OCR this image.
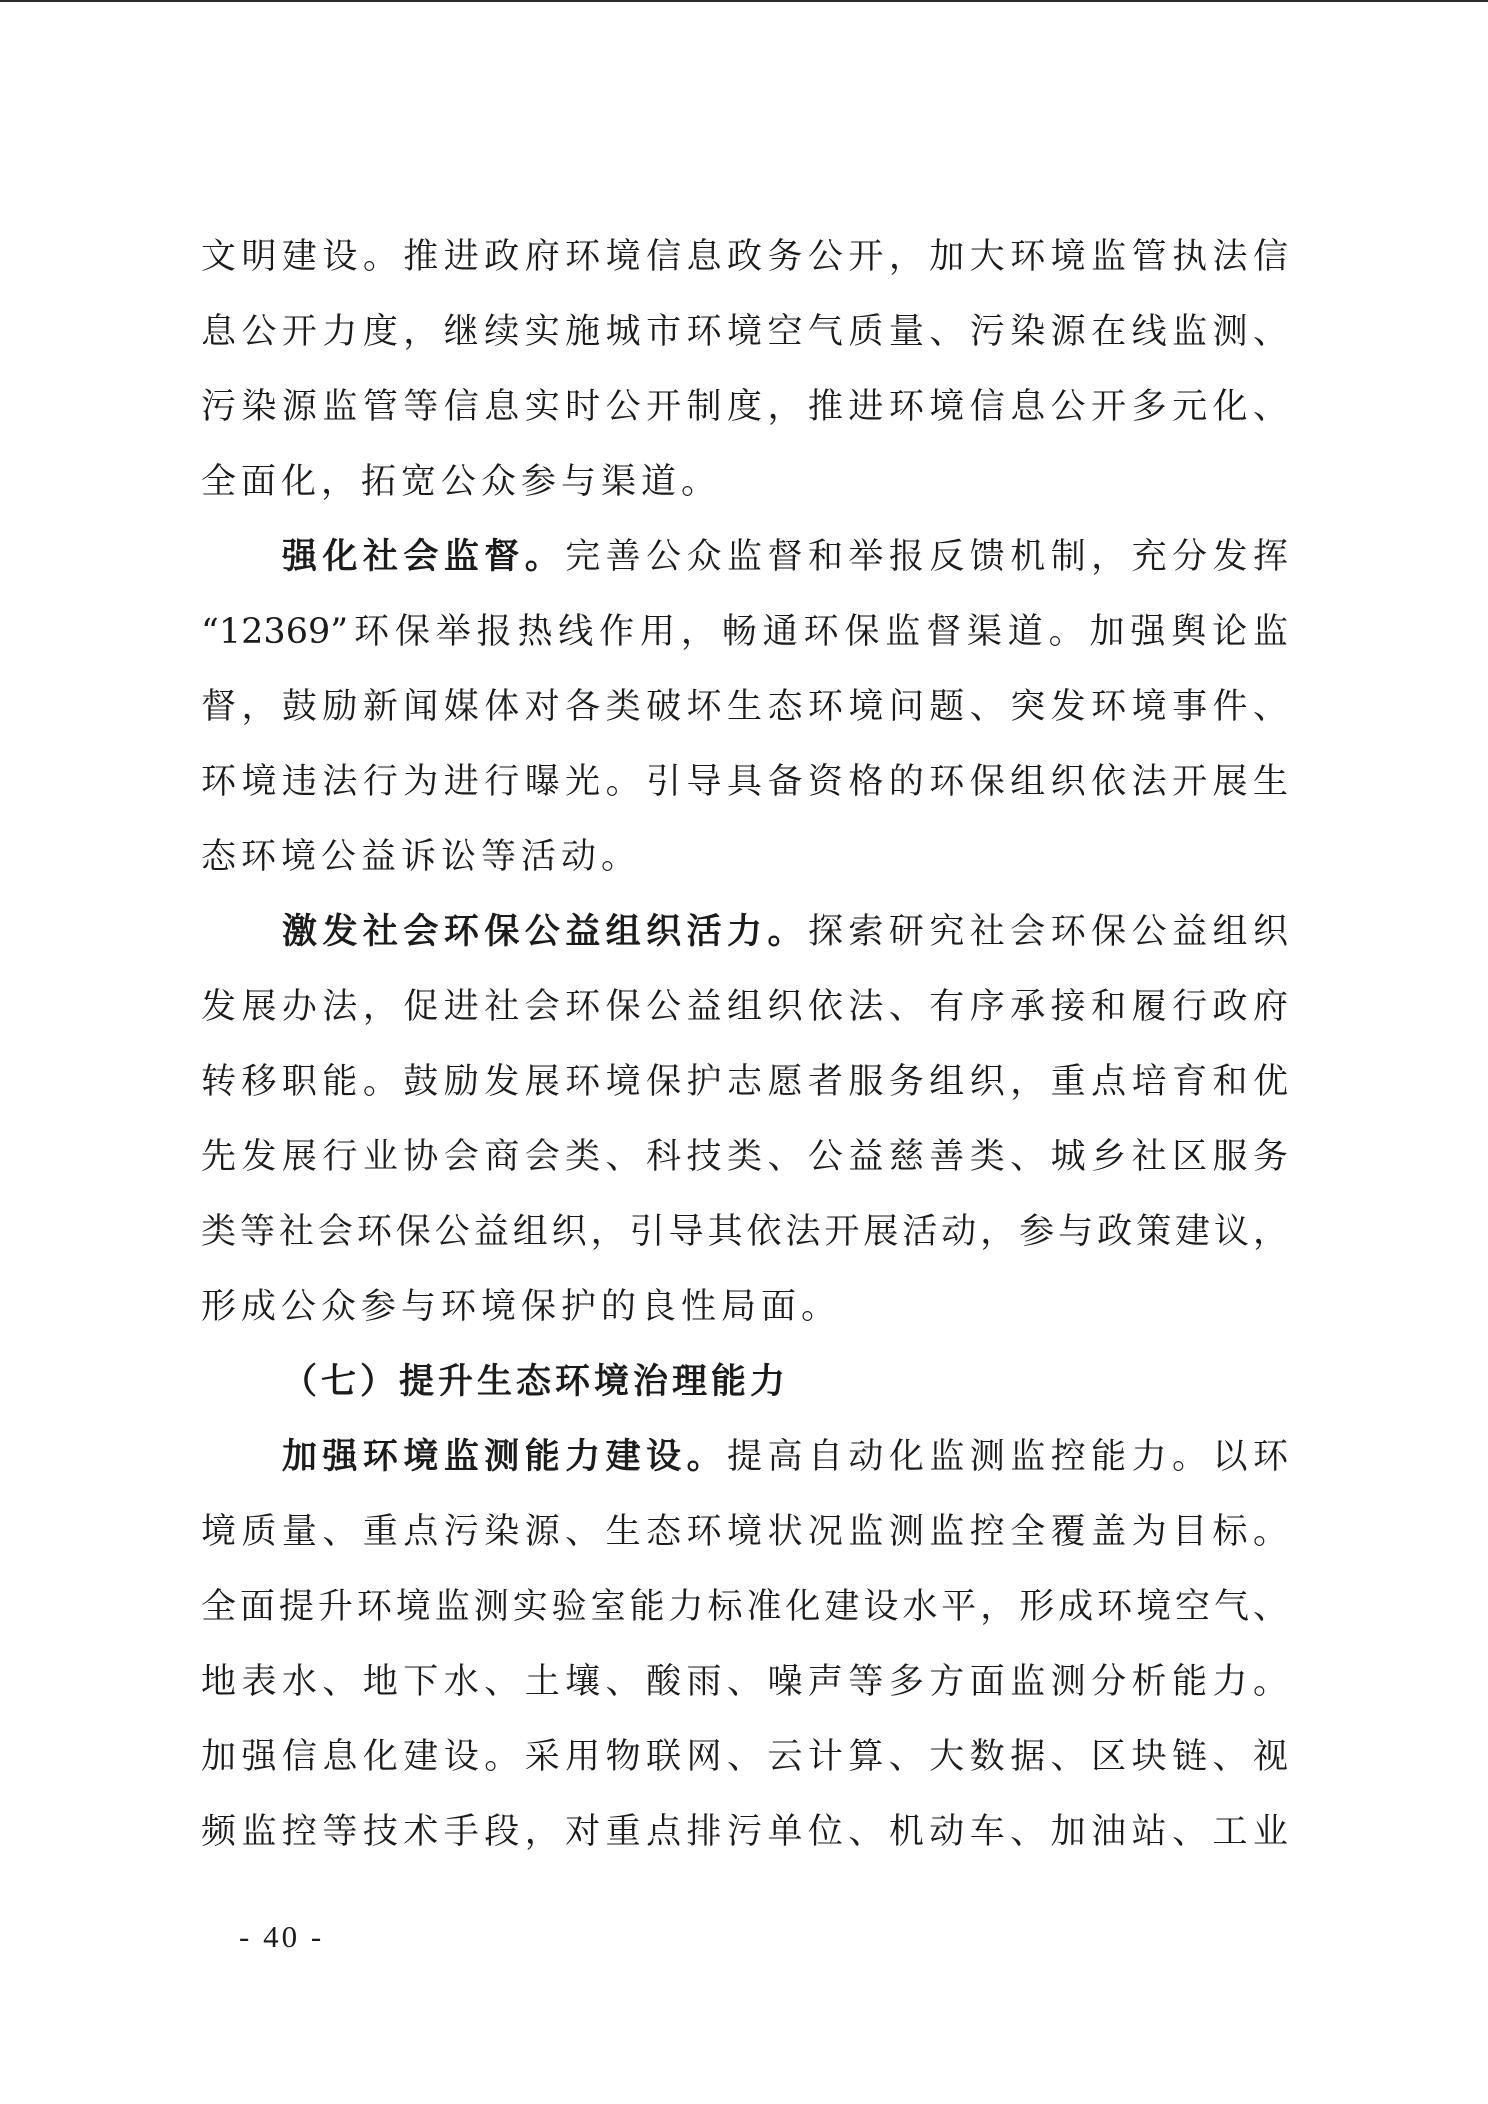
文明建设。推进政府环境信息政务公开，加大环境监管执法信
息公开力度，继续实施城市环境空气质量、污染源在线监测、
污染源监管等信息实时公开制度，推进环境信息公开多元化、
全面化，拓宽公众参与渠道。
强化社会监督。完善公众监督和举报反馈机制，充分发挥
“12369”环保举报热线作用，畅通环保监督渠道。加强舆论监
督，鼓励新闻媒体对各类破坏生态环境问题、突发环境事件、
环境违法行为进行曝光。引导具备资格的环保组织依法开展生
态环境公益诉讼等活动。
激发社会环保公益组织活力。探索研究社会环保公益组织
发展办法，促进社会环保公益组织依法、有序承接和履行政府
转移职能。鼓励发展环境保护志愿者服务组织，重点培育和优
先发展行业协会商会类、科技类、公益慈善类、城乡社区服务
类等社会环保公益组织，引导其依法开展活动，参与政策建议，
形成公众参与环境保护的良性局面。
（七）提升生态环境治理能力
加强环境监测能力建设。提高自动化监测监控能力。以环
境质量、重点污染源、生态环境状况监测监控全覆盖为目标。
全面提升环境监测实验室能力标准化建设水平，形成环境空气、
地表水、地下水、土壤、酸雨、噪声等多方面监测分析能力。
加强信息化建设。采用物联网、云计算、大数据、区块链、视
频监控等技术手段，对重点排污单位、机动车、加油站、工业
- 40 -
